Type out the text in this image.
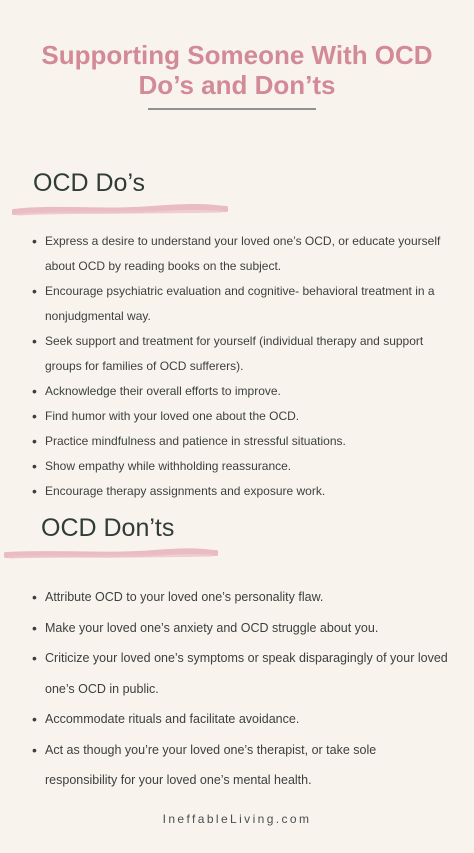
Supporting Someone With OCD
Do’s and Don’ts
OCD Do’s
• Express a desire to understand your loved one’s OCD, or educate yourself about OCD by reading books on the subject.
• Encourage psychiatric evaluation and cognitive- behavioral treatment in a nonjudgmental way.
• Seek support and treatment for yourself (individual therapy and support groups for families of OCD sufferers).
• Acknowledge their overall efforts to improve.
• Find humor with your loved one about the OCD.
• Practice mindfulness and patience in stressful situations.
• Show empathy while withholding reassurance.
• Encourage therapy assignments and exposure work.
OCD Don’ts
• Attribute OCD to your loved one’s personality flaw.
• Make your loved one’s anxiety and OCD struggle about you.
• Criticize your loved one’s symptoms or speak disparagingly of your loved one’s OCD in public.
• Accommodate rituals and facilitate avoidance.
• Act as though you’re your loved one’s therapist, or take sole responsibility for your loved one’s mental health.
IneffableLiving.com
